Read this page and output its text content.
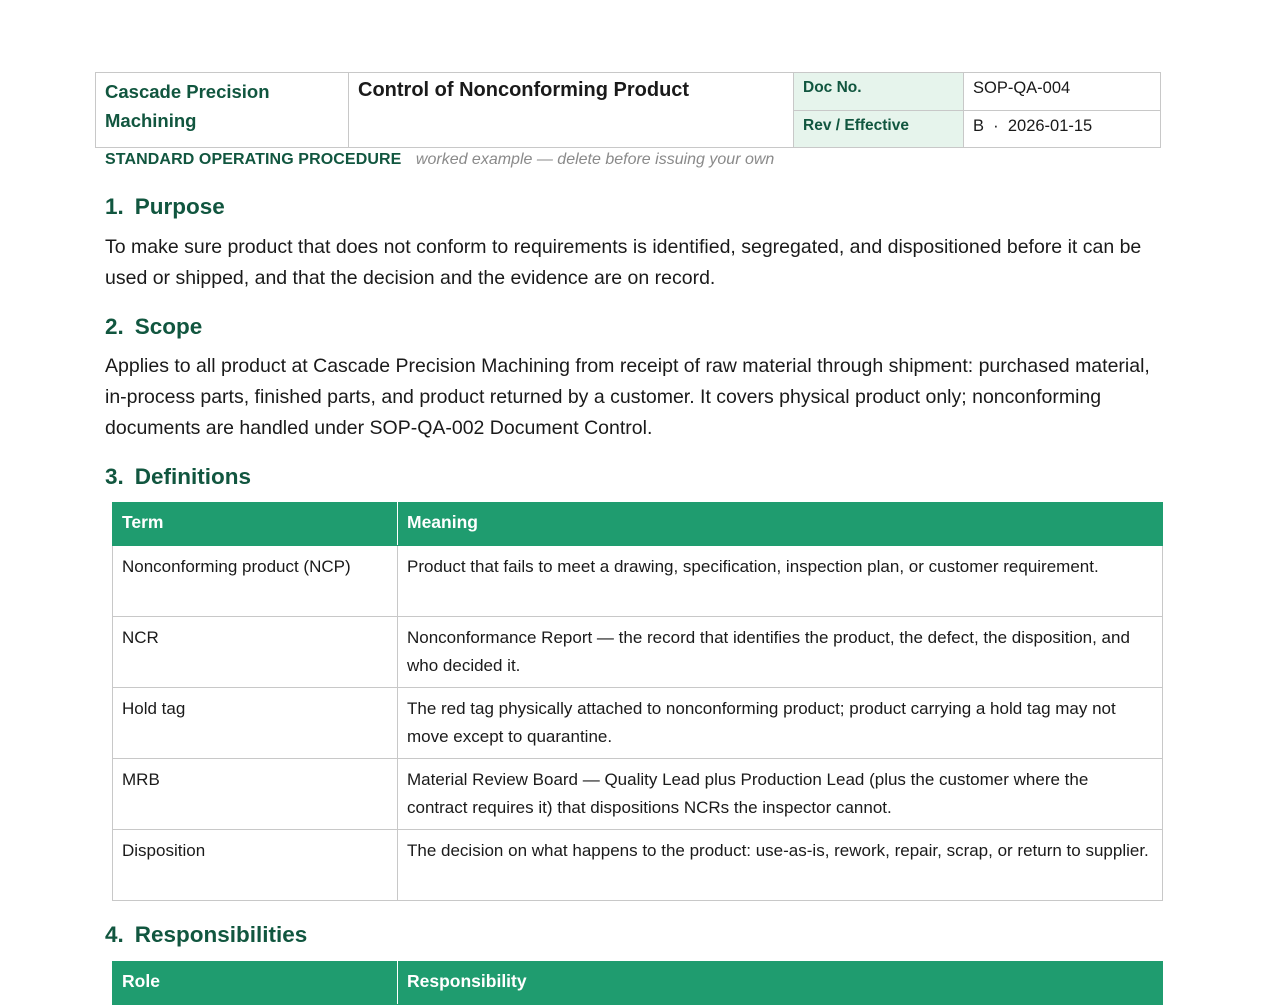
Cascade Precision Machining	Control of Nonconforming Product	Doc No.	SOP-QA-004
		Rev / Effective	B  ·  2026-01-15
STANDARD OPERATING PROCEDURE worked example — delete before issuing your own
1. Purpose

To make sure product that does not conform to requirements is identified, segregated, and dispositioned before it can be used or shipped, and that the decision and the evidence are on record.

2. Scope

Applies to all product at Cascade Precision Machining from receipt of raw material through shipment: purchased material, in-process parts, finished parts, and product returned by a customer. It covers physical product only; nonconforming documents are handled under SOP-QA-002 Document Control.

3. Definitions
Term	Meaning
Nonconforming product (NCP)	Product that fails to meet a drawing, specification, inspection plan, or customer requirement.
NCR	Nonconformance Report — the record that identifies the product, the defect, the disposition, and who decided it.
Hold tag	The red tag physically attached to nonconforming product; product carrying a hold tag may not move except to quarantine.
MRB	Material Review Board — Quality Lead plus Production Lead (plus the customer where the contract requires it) that dispositions NCRs the inspector cannot.
Disposition	The decision on what happens to the product: use-as-is, rework, repair, scrap, or return to supplier.
4. Responsibilities
Role	Responsibility
